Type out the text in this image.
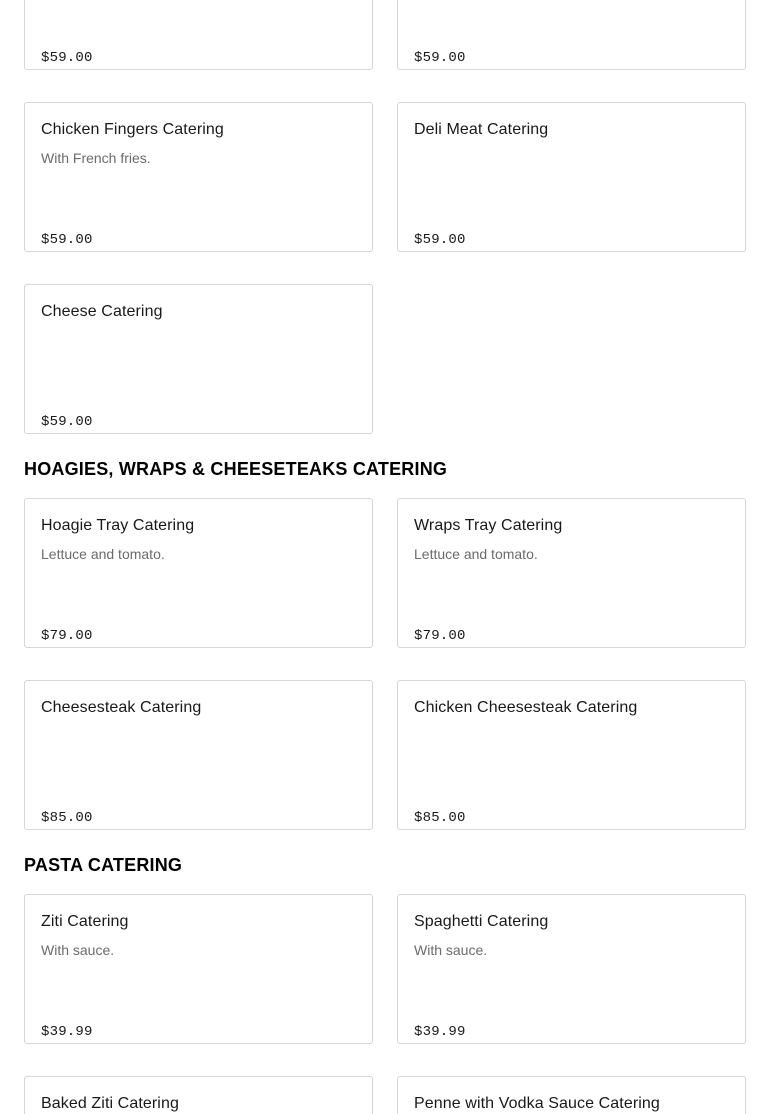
$59.00	$59.00
Chicken Fingers Catering
With French fries.
$59.00
Deli Meat Catering
$59.00
Cheese Catering
$59.00
HOAGIES, WRAPS & CHEESETEAKS CATERING
Hoagie Tray Catering
Lettuce and tomato.
$79.00
Wraps Tray Catering
Lettuce and tomato.
$79.00
Cheesesteak Catering
$85.00
Chicken Cheesesteak Catering
$85.00
PASTA CATERING
Ziti Catering
With sauce.
$39.99
Spaghetti Catering
With sauce.
$39.99
Baked Ziti Catering	Penne with Vodka Sauce Catering
